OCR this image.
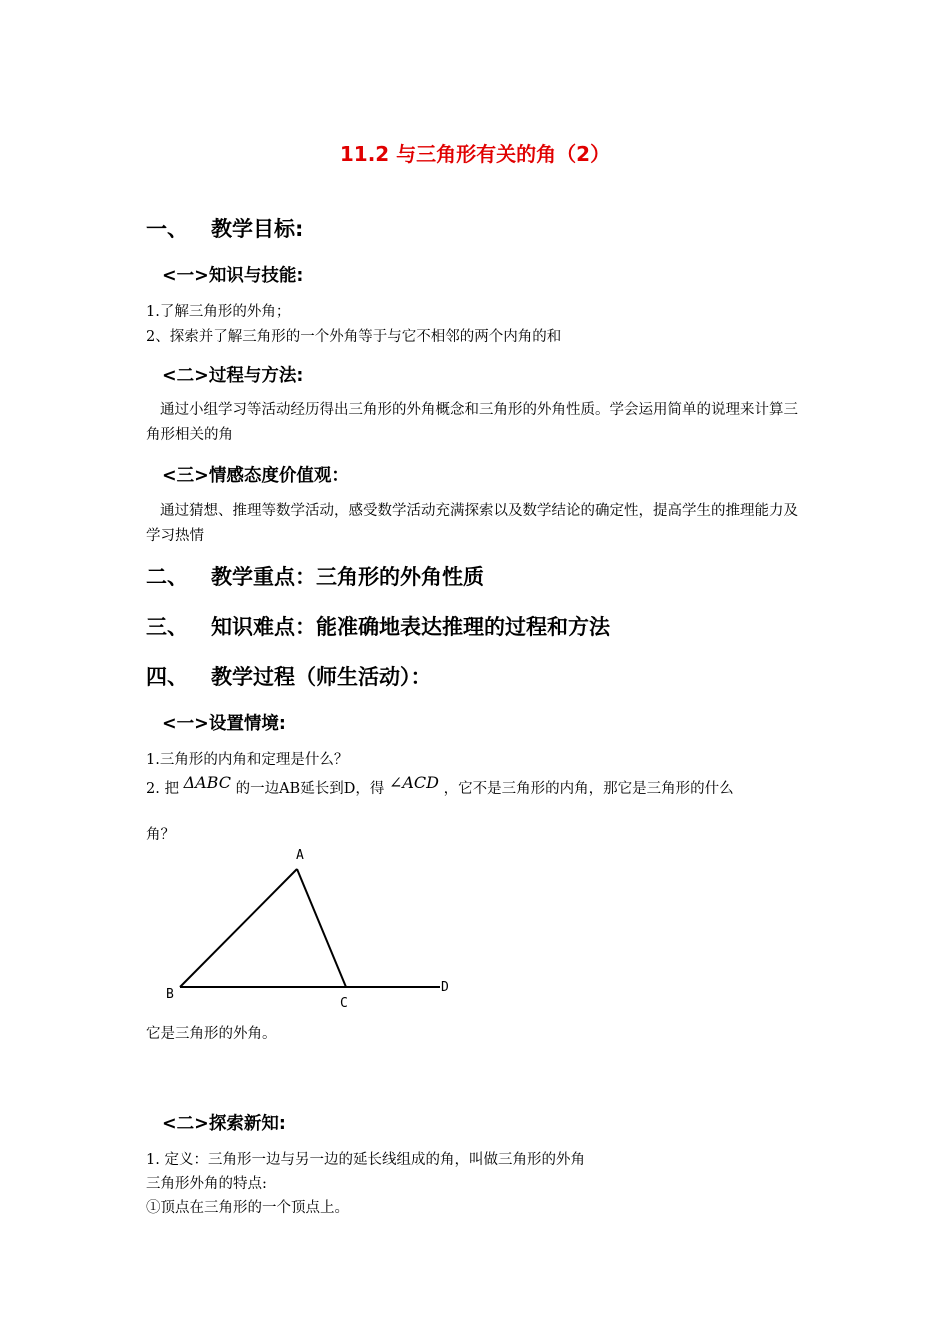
11.2 与三角形有关的角（2）
一、 教学目标:
<一>知识与技能:
1.了解三角形的外角；
2、探索并了解三角形的一个外角等于与它不相邻的两个内角的和
<二>过程与方法:
通过小组学习等活动经历得出三角形的外角概念和三角形的外角性质。学会运用简单的说理来计算三角形相关的角
<三>情感态度价值观：
通过猜想、推理等数学活动，感受数学活动充满探索以及数学结论的确定性，提高学生的推理能力及学习热情
二、 教学重点：三角形的外角性质
三、 知识难点：能准确地表达推理的过程和方法
四、 教学过程（师生活动）：
<一>设置情境:
1.三角形的内角和定理是什么？
2. 把 ΔABC 的一边AB延长到D，得 ∠ACD ，它不是三角形的内角，那它是三角形的什么
角？
A
B
C
D
它是三角形的外角。
<二>探索新知:
1. 定义：三角形一边与另一边的延长线组成的角，叫做三角形的外角
三角形外角的特点:
①顶点在三角形的一个顶点上。
